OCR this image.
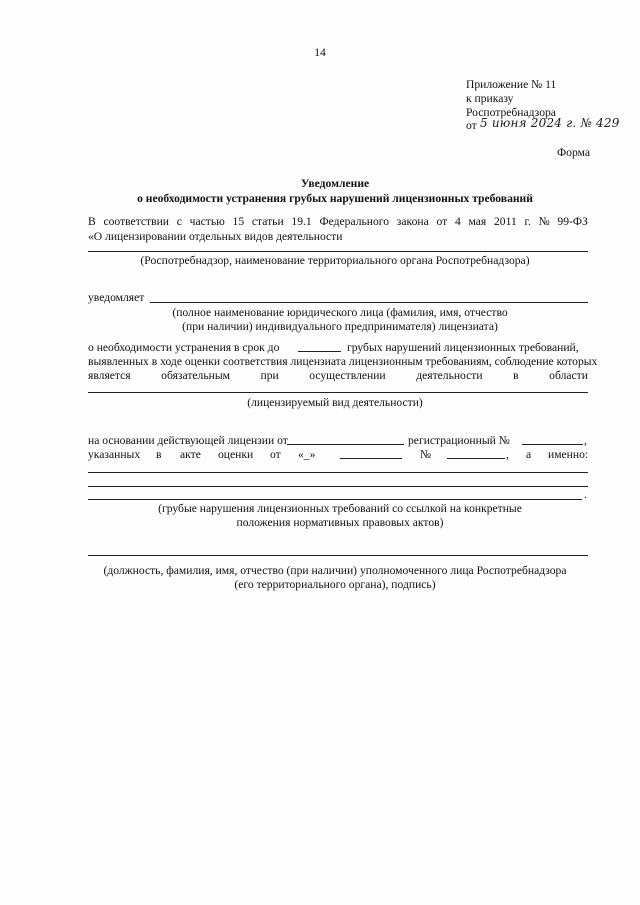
14
Приложение № 11
к приказу
Роспотребнадзора
от 5 июня 2024 г. № 429
Форма
Уведомление
о необходимости устранения грубых нарушений лицензионных требований
В соответствии с частью 15 статьи 19.1 Федерального закона от 4 мая 2011 г. № 99-ФЗ
«О лицензировании отдельных видов деятельности
(Роспотребнадзор, наименование территориального органа Роспотребнадзора)
уведомляет
(полное наименование юридического лица (фамилия, имя, отчество
(при наличии) индивидуального предпринимателя) лицензиата)
о необходимости устранения в срок до	грубых нарушений лицензионных требований,
выявленных в ходе оценки соответствия лицензиата лицензионным требованиям, соблюдение которых
является	обязательным	при	осуществлении	деятельности	в	области
(лицензируемый вид деятельности)
на основании действующей лицензии от	регистрационный №	,
указанных в акте оценки от «_»	№	, а именно:
.
(грубые нарушения лицензионных требований со ссылкой на конкретные
положения нормативных правовых актов)
(должность, фамилия, имя, отчество (при наличии) уполномоченного лица Роспотребнадзора
(его территориального органа), подпись)
